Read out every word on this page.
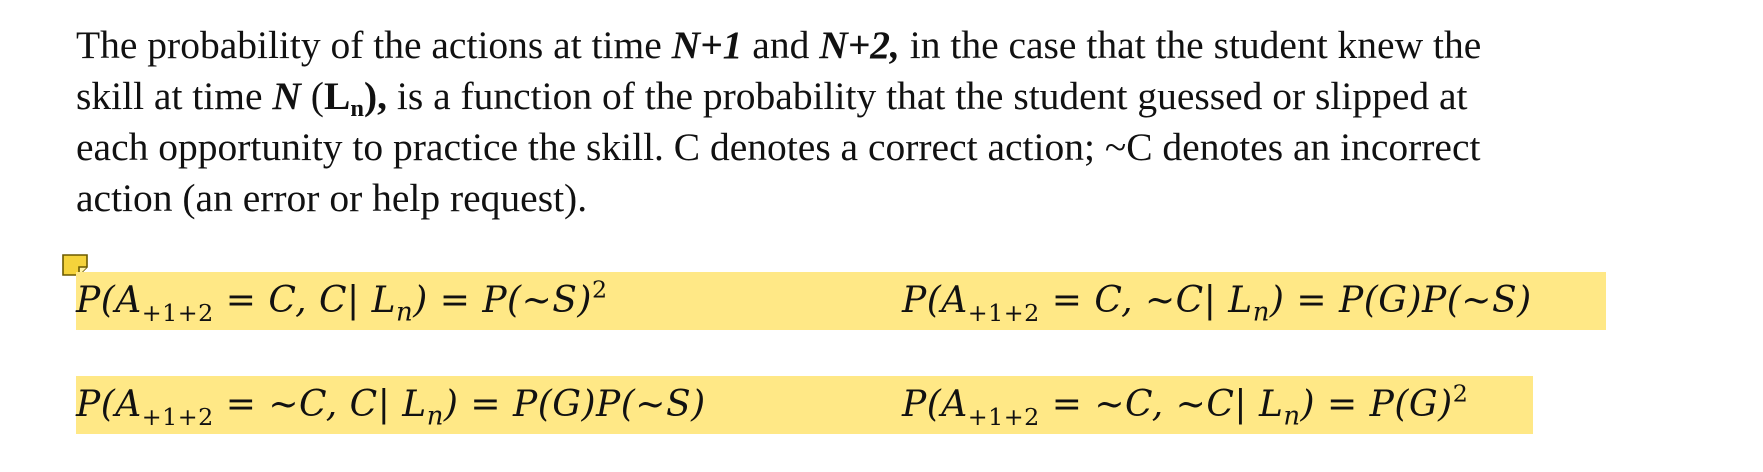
The probability of the actions at time N+1 and N+2, in the case that the student knew the
skill at time N $(L_n)$, is a function of the probability that the student guessed or slipped at
each opportunity to practice the skill. C denotes a correct action; ~C denotes an incorrect
action (an error or help request).
$P(A_{+1+2} = C$, C| $L_n$) = P(~S)$^2$	$P(A_{+1+2} = C$, ~C| $L_n$) = P(G)P(~S)
$P(A_{+1+2}$ = ~C, C| $L_n$) = P(G)P(~S)	$P(A_{+1+2}$ = ~C, ~C| $L_n) = P(G)^2$
